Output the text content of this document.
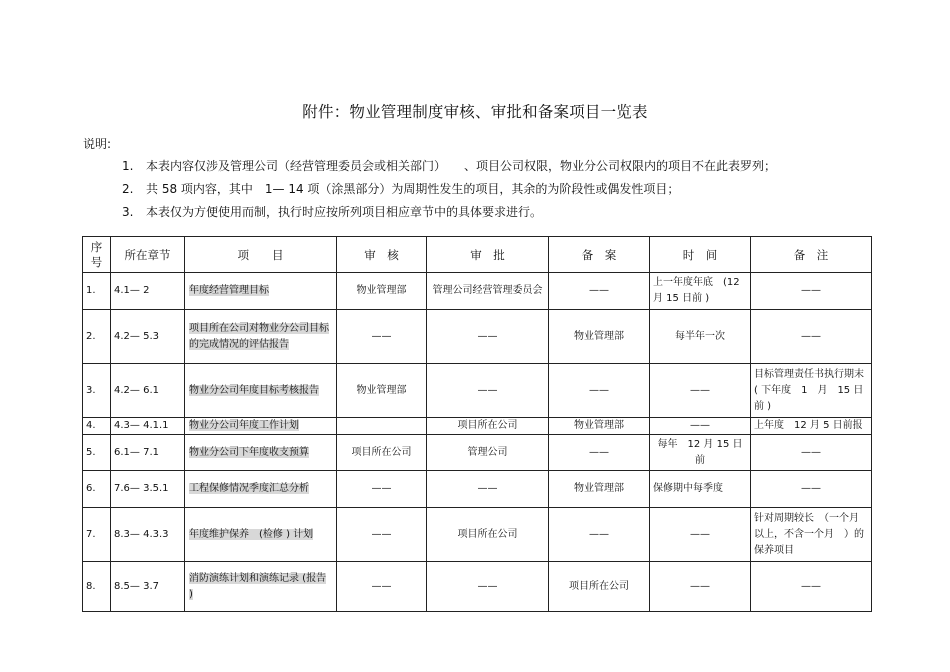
附件：物业管理制度审核、审批和备案项目一览表
说明:
1. 本表内容仅涉及管理公司（经营管理委员会或相关部门）　　、项目公司权限，物业分公司权限内的项目不在此表罗列；
2. 共 58 项内容，其中　1— 14 项（涂黑部分）为周期性发生的项目，其余的为阶段性或偶发性项目；
3. 本表仅为方便使用而制，执行时应按所列项目相应章节中的具体要求进行。
序
号	所在章节	项　　目	审　核	审　批	备　案	时　间	备　注
1.	4.1— 2	年度经营管理目标	物业管理部	管理公司经营管理委员会	——	上一年度年底　(12 月 15 日前 )	——
2.	4.2— 5.3	项目所在公司对物业分公司目标的完成情况的评估报告	——	——	物业管理部	每半年一次	——
3.	4.2— 6.1	物业分公司年度目标考核报告	物业管理部	——	——	——	目标管理责任书执行期末 ( 下年度　1　月　15 日前 )
4.	4.3— 4.1.1	物业分公司年度工作计划		项目所在公司	物业管理部	——	上年度　12 月 5 日前报
5.	6.1— 7.1	物业分公司下年度收支预算	项目所在公司	管理公司	——	每年　12 月 15 日前	——
6.	7.6— 3.5.1	工程保修情况季度汇总分析	——	——	物业管理部	保修期中每季度	——
7.	8.3— 4.3.3	年度维护保养　(检修 ) 计划	——	项目所在公司	——	——	针对周期较长　（一个月以上，不含一个月　）的保养项目
8.	8.5— 3.7	消防演练计划和演练记录 (报告 )	——	——	项目所在公司	——	——
